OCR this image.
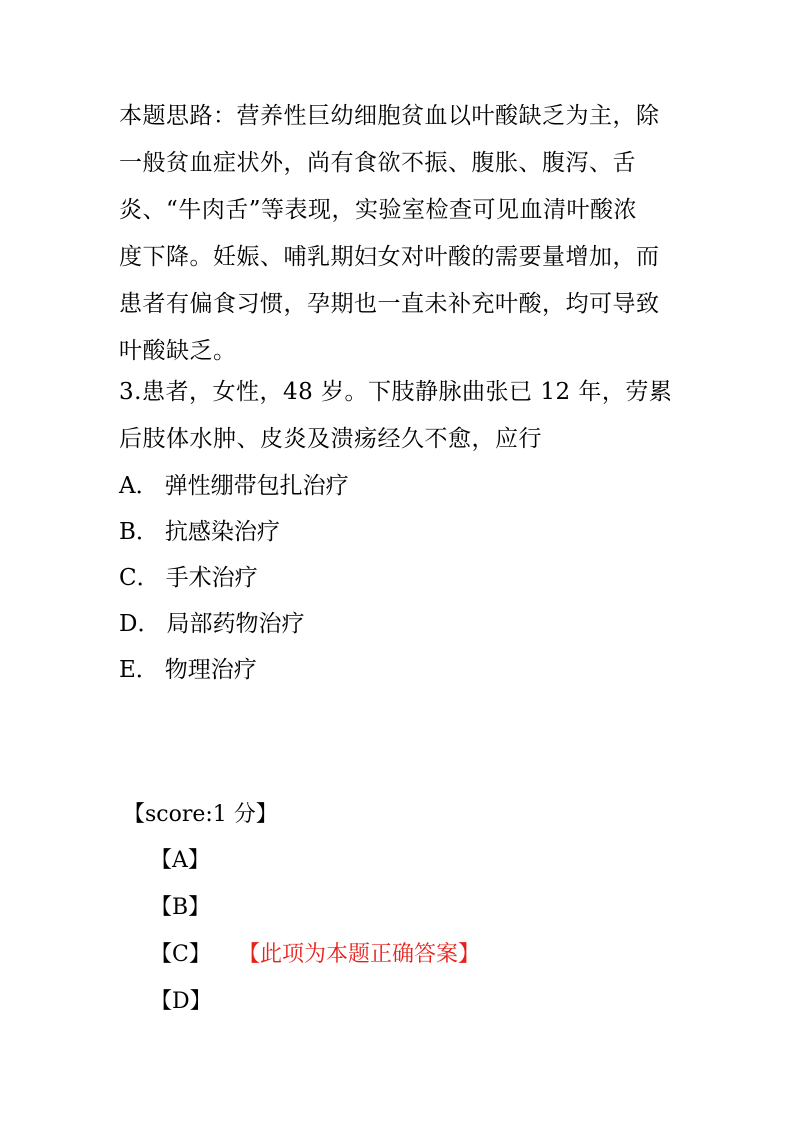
本题思路：营养性巨幼细胞贫血以叶酸缺乏为主，除
一般贫血症状外，尚有食欲不振、腹胀、腹泻、舌
炎、“牛肉舌”等表现，实验室检查可见血清叶酸浓
度下降。妊娠、哺乳期妇女对叶酸的需要量增加，而
患者有偏食习惯，孕期也一直未补充叶酸，均可导致
叶酸缺乏。
3.患者，女性，48 岁。下肢静脉曲张已 12 年，劳累
后肢体水肿、皮炎及溃疡经久不愈，应行
A． 弹性绷带包扎治疗
B． 抗感染治疗
C． 手术治疗
D． 局部药物治疗
E． 物理治疗
【score:1 分】
【A】
【B】
【C】 【此项为本题正确答案】
【D】
